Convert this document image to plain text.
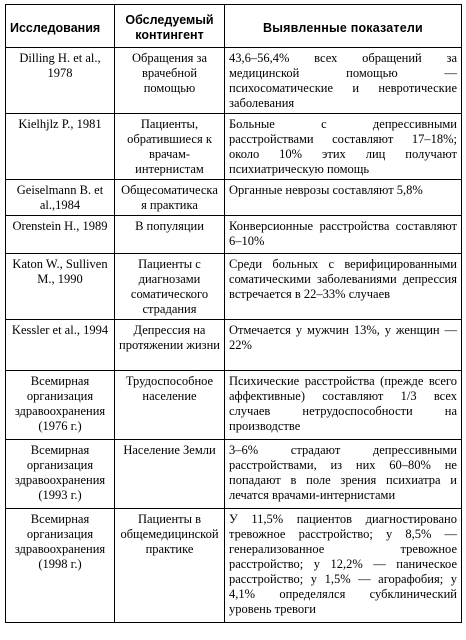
Исследования	Обследуемый контингент	Выявленные показатели
Dilling H. et al., 1978	Обращения за врачебной помощью	43,6–56,4% всех обращений за медицинской помощью — психосоматические и невротические заболевания
Kielhjlz P., 1981	Пациенты, обратившиеся к врачам-интернистам	Больные с депрессивными расстройствами составляют 17–18%; около 10% этих лиц получают психиатрическую помощь
Geiselmann B. et al.,1984	Общесоматическая практика	Органные неврозы составляют 5,8%
Orenstein H., 1989	В популяции	Конверсионные расстройства составляют 6–10%
Katon W., Sullivеn M., 1990	Пациенты с диагнозами соматического страдания	Среди больных с верифицированными соматическими заболеваниями депрессия встречается в 22–33% случаев
Kessler et al., 1994	Депрессия на протяжении жизни	Отмечается у мужчин 13%, у женщин — 22%
Всемирная организация здравоохранения (1976 г.)	Трудоспособное население	Психические расстройства (прежде всего аффективные) составляют 1/3 всех случаев нетрудоспособности на производстве
Всемирная организация здравоохранения (1993 г.)	Население Земли	3–6% страдают депрессивными расстройствами, из них 60–80% не попадают в поле зрения психиатра и лечатся врачами-интернистами
Всемирная организация здравоохранения (1998 г.)	Пациенты в общемедицинской практике	У 11,5% пациентов диагностировано тревожное расстройство; у 8,5% — генерализованное тревожное расстройство; у 12,2% — паническое расстройство; у 1,5% — агорафобия; у 4,1% определялся субклинический уровень тревоги
